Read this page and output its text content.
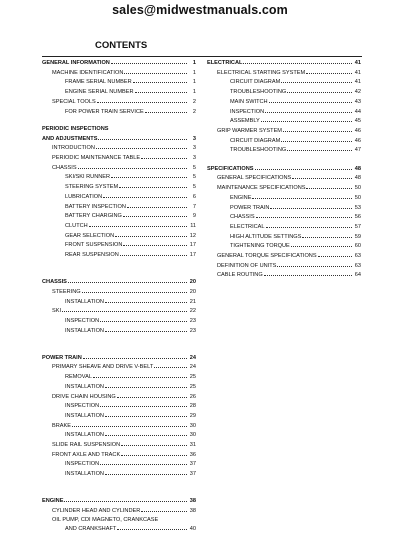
sales@midwestmanuals.com
CONTENTS
GENERAL INFORMATION	1
MACHINE IDENTIFICATION	1
FRAME SERIAL NUMBER	1
ENGINE SERIAL NUMBER	1
SPECIAL TOOLS	2
FOR POWER TRAIN SERVICE	2
PERIODIC INSPECTIONS
AND ADJUSTMENTS	3
INTRODUCTION	3
PERIODIC MAINTENANCE TABLE	3
CHASSIS	5
SKI/SKI RUNNER	5
STEERING SYSTEM	5
LUBRICATION	6
BATTERY INSPECTION	7
BATTERY CHARGING	9
CLUTCH	11
GEAR SELECTION	12
FRONT SUSPENSION	17
REAR SUSPENSION	17
CHASSIS	20
STEERING	20
INSTALLATION	21
SKI	22
INSPECTION	23
INSTALLATION	23
POWER TRAIN	24
PRIMARY SHEAVE AND DRIVE V-BELT	24
REMOVAL	25
INSTALLATION	25
DRIVE CHAIN HOUSING	26
INSPECTION	28
INSTALLATION	29
BRAKE	30
INSTALLATION	30
SLIDE RAIL SUSPENSION	31
FRONT AXLE AND TRACK	36
INSPECTION	37
INSTALLATION	37
ENGINE	38
CYLINDER HEAD AND CYLINDER	38
OIL PUMP, CDI MAGNETO, CRANKCASE
AND CRANKSHAFT	40
ELECTRICAL	41
ELECTRICAL STARTING SYSTEM	41
CIRCUIT DIAGRAM	41
TROUBLESHOOTING	42
MAIN SWITCH	43
INSPECTION	44
ASSEMBLY	45
GRIP WARMER SYSTEM	46
CIRCUIT DIAGRAM	46
TROUBLESHOOTING	47
SPECIFICATIONS	48
GENERAL SPECIFICATIONS	48
MAINTENANCE SPECIFICATIONS	50
ENGINE	50
POWER TRAIN	53
CHASSIS	56
ELECTRICAL	57
HIGH ALTITUDE SETTINGS	59
TIGHTENING TORQUE	60
GENERAL TORQUE SPECIFICATIONS	63
DEFINITION OF UNITS	63
CABLE ROUTING	64
